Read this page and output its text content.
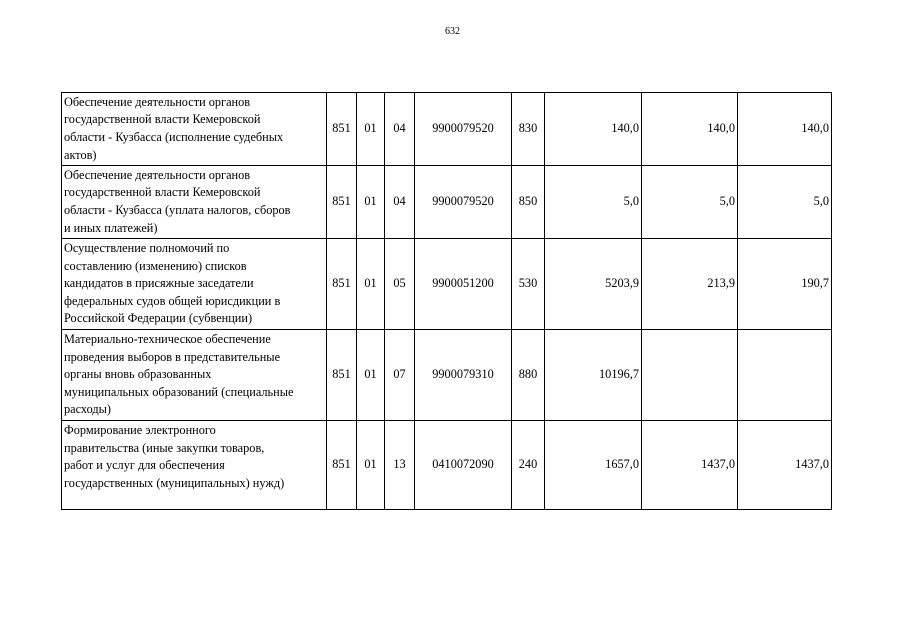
632
Обеспечение деятельности органов
государственной власти Кемеровской
области - Кузбасса (исполнение судебных
актов)	851	01	04	9900079520	830	140,0	140,0	140,0

Обеспечение деятельности органов
государственной власти Кемеровской
области - Кузбасса (уплата налогов, сборов
и иных платежей)	851	01	04	9900079520	850	5,0	5,0	5,0

Осуществление полномочий по
составлению (изменению) списков
кандидатов в присяжные заседатели
федеральных судов общей юрисдикции в
Российской Федерации (субвенции)	851	01	05	9900051200	530	5203,9	213,9	190,7

Материально-техническое обеспечение
проведения выборов в представительные
органы вновь образованных
муниципальных образований (специальные
расходы)	851	01	07	9900079310	880	10196,7		

Формирование электронного
правительства (иные закупки товаров,
работ и услуг для обеспечения
государственных (муниципальных) нужд)	851	01	13	0410072090	240	1657,0	1437,0	1437,0
